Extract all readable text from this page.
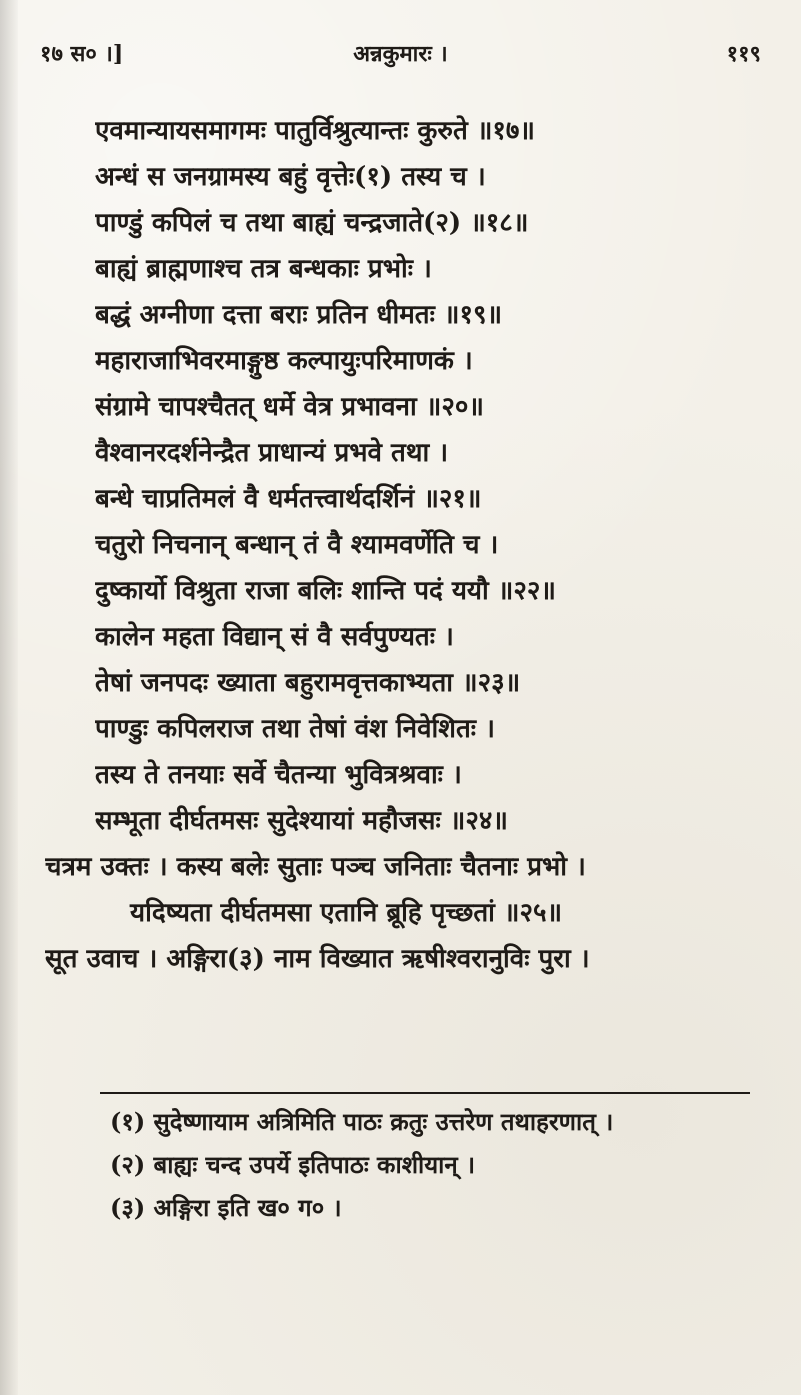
१७ स० ।]	अन्नकुमारः ।	११९
एवमान्यायसमागमः पातुर्विश्रुत्यान्तः कुरुते ॥१७॥
अन्धं स जनग्रामस्य बहुं वृत्तेः(१) तस्य च ।
पाण्डुं कपिलं च तथा बाह्यं चन्द्रजाते(२) ॥१८॥
बाह्यं ब्राह्मणाश्च तत्र बन्धकाः प्रभोः ।
बद्धं अग्नीणा दत्ता बराः प्रतिन धीमतः ॥१९॥
महाराजाभिवरमाङ्गुष्ठ कल्पायुःपरिमाणकं ।
संग्रामे चापश्चैतत् धर्मे वेत्र प्रभावना ॥२०॥
वैश्वानरदर्शनेन्द्रैत प्राधान्यं प्रभवे तथा ।
बन्धे चाप्रतिमलं वै धर्मतत्त्वार्थदर्शिनं ॥२१॥
चतुरो निचनान् बन्धान् तं वै श्यामवर्णेति च ।
दुष्कार्यो विश्रुता राजा बलिः शान्ति पदं ययौ ॥२२॥
कालेन महता विद्यान् सं वै सर्वपुण्यतः ।
तेषां जनपदः ख्याता बहुरामवृत्तकाभ्यता ॥२३॥
पाण्डुः कपिलराज तथा तेषां वंश निवेशितः ।
तस्य ते तनयाः सर्वे चैतन्या भुवित्रश्रवाः ।
सम्भूता दीर्घतमसः सुदेश्यायां महौजसः ॥२४॥
चत्रम उक्तः । कस्य बलेः सुताः पञ्च जनिताः चैतनाः प्रभो ।
यदिष्यता दीर्घतमसा एतानि ब्रूहि पृच्छतां ॥२५॥
सूत उवाच । अङ्गिरा(३) नाम विख्यात ऋषीश्वरानुविः पुरा ।
(१) सुदेष्णायाम अत्रिमिति पाठः क्रतुः उत्तरेण तथाहरणात् ।
(२) बाह्यः चन्द उपर्ये इतिपाठः काशीयान् ।
(३) अङ्गिरा इति ख० ग० ।
